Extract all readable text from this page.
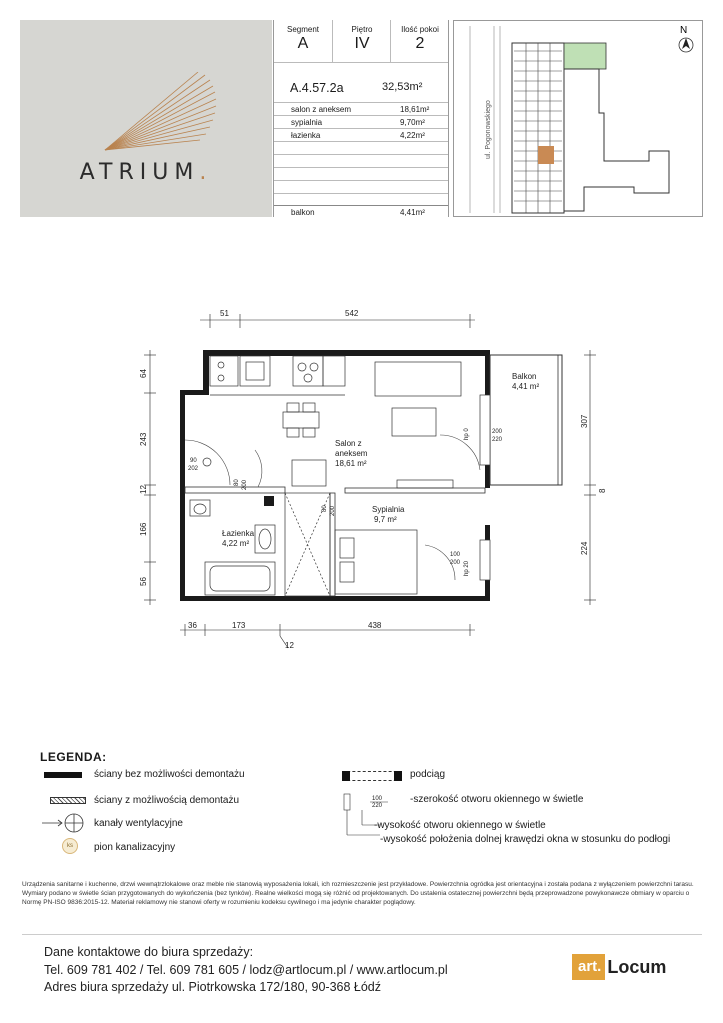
ATRIUM.
Segment
A
Piętro
IV
Ilość pokoi
2
A.4.57.2a	32,53m²
salon z aneksem	18,61m²
sypialnia	9,70m²
łazienka	4,22m²
balkon	4,41m²
N
ul. Pogonowskiego
Salon z
aneksem
18,61 m²
Sypialnia
9,7 m²
Łazienka
4,22 m²
Balkon
4,41 m²
51	542
36	173	438
12
64
243
12
166
56
307
8
224
200
220
hp 0
100
200 hp 20
90
202
80 200
80 200
LEGENDA:
ściany bez możliwości demontażu
ściany z możliwością demontażu
kanały wentylacyjne
ks	pion kanalizacyjny
podciąg
100
220
-szerokość otworu okiennego w świetle
-wysokość otworu okiennego w świetle
-wysokość położenia dolnej krawędzi okna w stosunku do podłogi
Urządzenia sanitarne i kuchenne, drzwi wewnątrzlokalowe oraz meble nie stanowią wyposażenia lokali, ich rozmieszczenie jest przykładowe. Powierzchnia ogródka jest orientacyjna i została podana z wyłączeniem powierzchni tarasu. Wymiary podano w świetle ścian przygotowanych do wykończenia (bez tynków). Realne wielkości mogą się różnić od projektowanych. Do ustalenia ostatecznej powierzchni będą przeprowadzone powykonawcze obmiary w oparciu o Normę PN-ISO 9836:2015-12. Materiał reklamowy nie stanowi oferty w rozumieniu kodeksu cywilnego i ma jedynie charakter poglądowy.
Dane kontaktowe do biura sprzedaży:
Tel. 609 781 402 / Tel. 609 781 605 / lodz@artlocum.pl / www.artlocum.pl
Adres biura sprzedaży ul. Piotrkowska 172/180, 90-368 Łódź
art. Locum
